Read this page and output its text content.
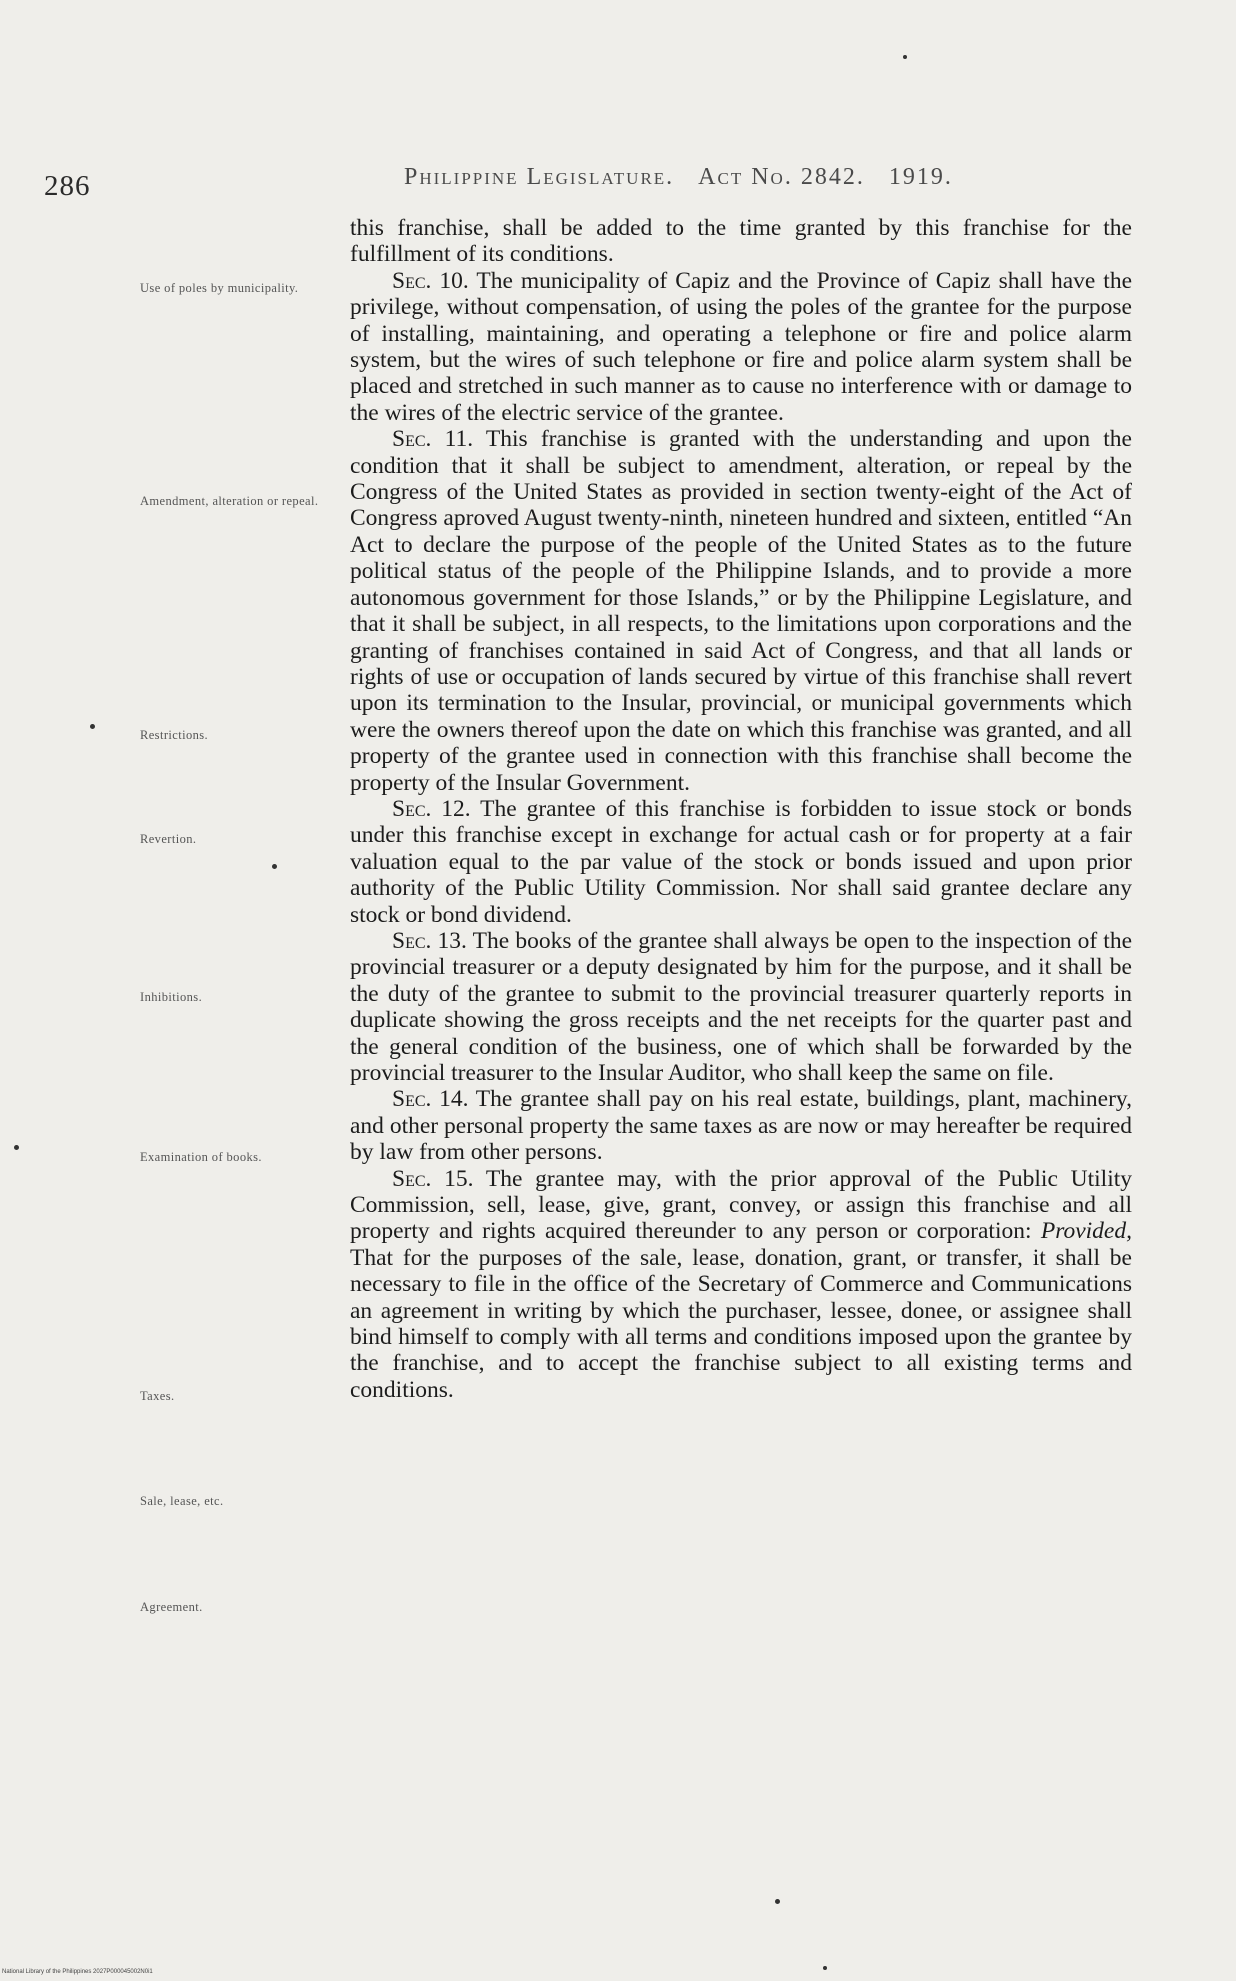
286	Philippine Legislature. Act No. 2842. 1919.
Use of poles by municipality.
Amendment, alteration or repeal.
Restrictions.
Revertion.
Inhibitions.
Examination of books.
Taxes.
Sale, lease, etc.
Agreement.

this franchise, shall be added to the time granted by this franchise for the fulfillment of its conditions.

Sec. 10. The municipality of Capiz and the Province of Capiz shall have the privilege, without compensation, of using the poles of the grantee for the purpose of installing, maintaining, and operating a telephone or fire and police alarm system, but the wires of such telephone or fire and police alarm system shall be placed and stretched in such manner as to cause no interference with or damage to the wires of the electric service of the grantee.

Sec. 11. This franchise is granted with the understanding and upon the condition that it shall be subject to amendment, alteration, or repeal by the Congress of the United States as provided in section twenty-eight of the Act of Congress aproved August twenty-ninth, nineteen hundred and sixteen, entitled “An Act to declare the purpose of the people of the United States as to the future political status of the people of the Philippine Islands, and to provide a more autonomous government for those Islands,” or by the Philippine Legislature, and that it shall be subject, in all respects, to the limitations upon corporations and the granting of franchises contained in said Act of Congress, and that all lands or rights of use or occupation of lands secured by virtue of this franchise shall revert upon its termination to the Insular, provincial, or municipal governments which were the owners thereof upon the date on which this franchise was granted, and all property of the grantee used in connection with this franchise shall become the property of the Insular Government.

Sec. 12. The grantee of this franchise is forbidden to issue stock or bonds under this franchise except in exchange for actual cash or for property at a fair valuation equal to the par value of the stock or bonds issued and upon prior authority of the Public Utility Commission. Nor shall said grantee declare any stock or bond dividend.

Sec. 13. The books of the grantee shall always be open to the inspection of the provincial treasurer or a deputy designated by him for the purpose, and it shall be the duty of the grantee to submit to the provincial treasurer quarterly reports in duplicate showing the gross receipts and the net receipts for the quarter past and the general condition of the business, one of which shall be forwarded by the provincial treasurer to the Insular Auditor, who shall keep the same on file.

Sec. 14. The grantee shall pay on his real estate, buildings, plant, machinery, and other personal property the same taxes as are now or may hereafter be required by law from other persons.

Sec. 15. The grantee may, with the prior approval of the Public Utility Commission, sell, lease, give, grant, convey, or assign this franchise and all property and rights acquired thereunder to any person or corporation: Provided, That for the purposes of the sale, lease, donation, grant, or transfer, it shall be necessary to file in the office of the Secretary of Commerce and Communications an agreement in writing by which the purchaser, lessee, donee, or assignee shall bind himself to comply with all terms and conditions imposed upon the grantee by the franchise, and to accept the franchise subject to all existing terms and conditions.

National Library of the Philippines 2027P000045002N0i1
